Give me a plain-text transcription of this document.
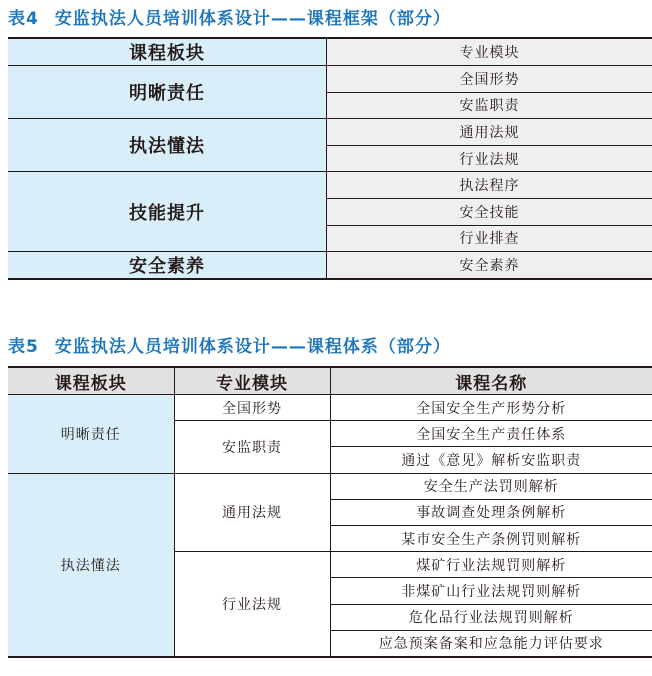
表4 安监执法人员培训体系设计——课程框架（部分）
课程板块	专业模块
明晰责任	全国形势
	安监职责
执法懂法	通用法规
	行业法规
技能提升	执法程序
	安全技能
	行业排查
安全素养	安全素养
表5 安监执法人员培训体系设计——课程体系（部分）
课程板块	专业模块	课程名称
明晰责任	全国形势	全国安全生产形势分析
	安监职责	全国安全生产责任体系
		通过《意见》解析安监职责
执法懂法	通用法规	安全生产法罚则解析
		事故调查处理条例解析
		某市安全生产条例罚则解析
	行业法规	煤矿行业法规罚则解析
		非煤矿山行业法规罚则解析
		危化品行业法规罚则解析
		应急预案备案和应急能力评估要求
